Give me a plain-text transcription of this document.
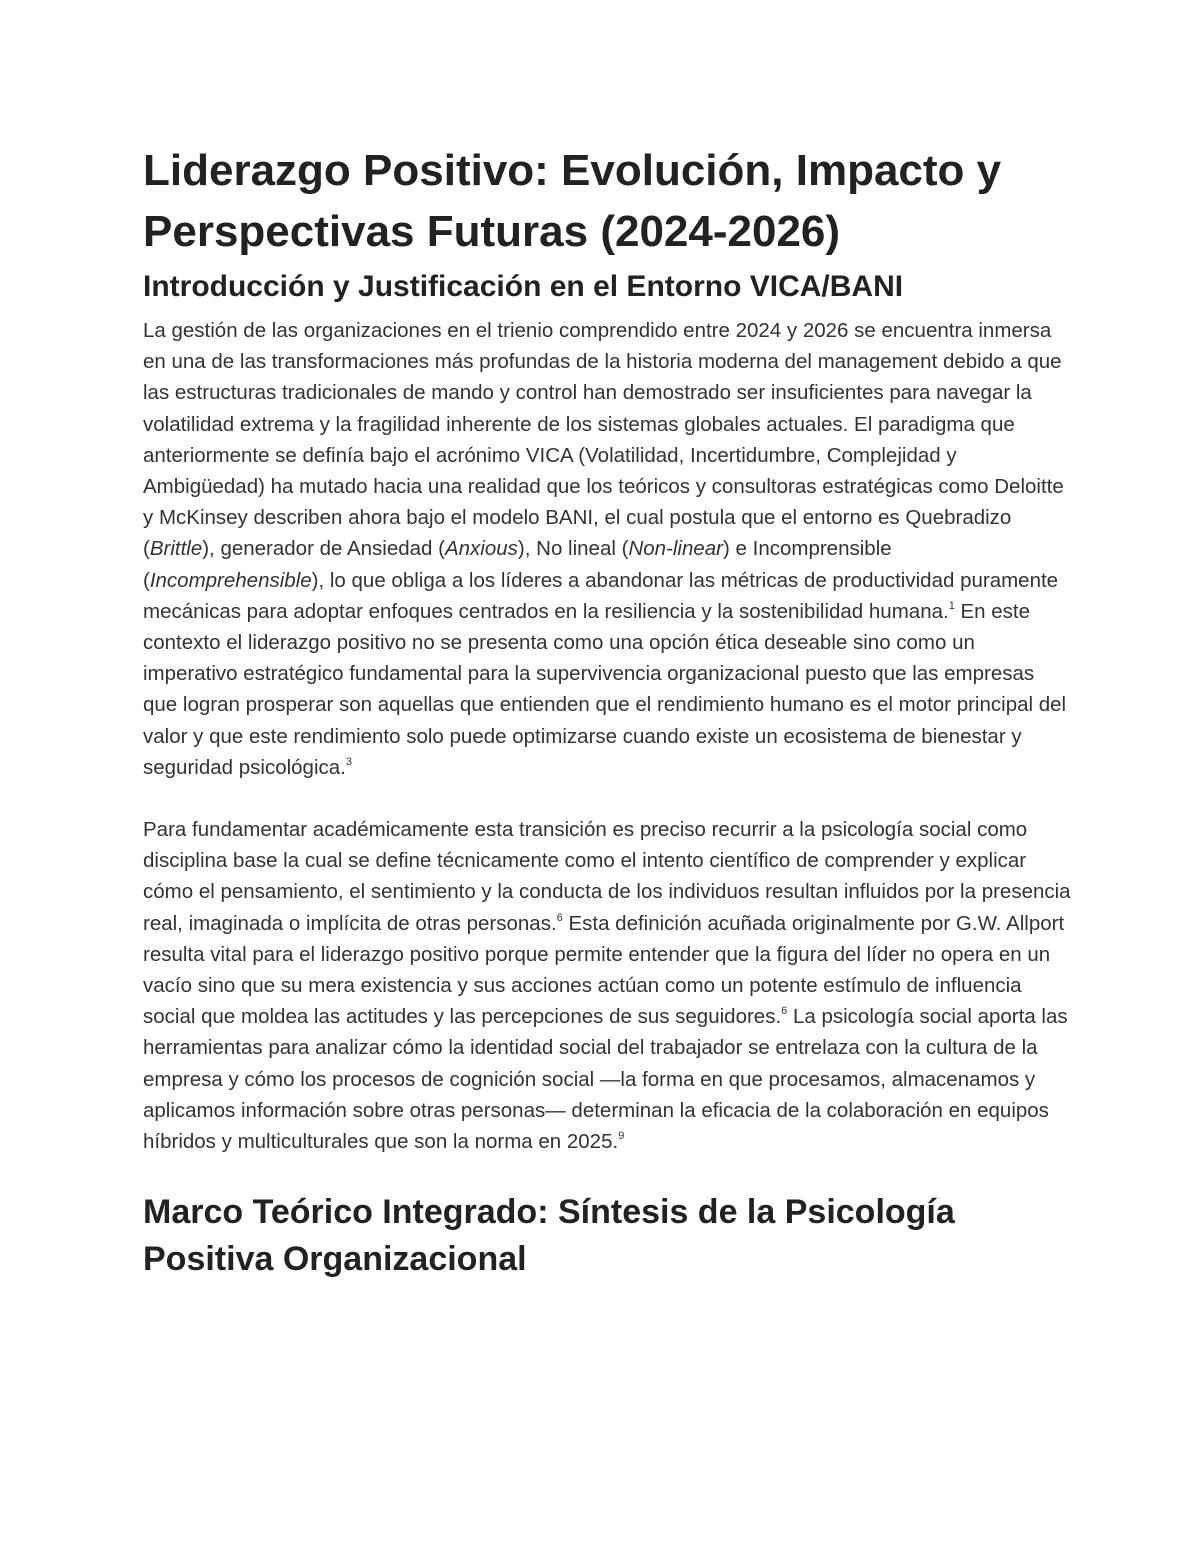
Liderazgo Positivo: Evolución, Impacto y Perspectivas Futuras (2024-2026)
Introducción y Justificación en el Entorno VICA/BANI

La gestión de las organizaciones en el trienio comprendido entre 2024 y 2026 se encuentra inmersa en una de las transformaciones más profundas de la historia moderna del management debido a que las estructuras tradicionales de mando y control han demostrado ser insuficientes para navegar la volatilidad extrema y la fragilidad inherente de los sistemas globales actuales. El paradigma que anteriormente se definía bajo el acrónimo VICA (Volatilidad, Incertidumbre, Complejidad y Ambigüedad) ha mutado hacia una realidad que los teóricos y consultoras estratégicas como Deloitte y McKinsey describen ahora bajo el modelo BANI, el cual postula que el entorno es Quebradizo (Brittle), generador de Ansiedad (Anxious), No lineal (Non-linear) e Incomprensible (Incomprehensible), lo que obliga a los líderes a abandonar las métricas de productividad puramente mecánicas para adoptar enfoques centrados en la resiliencia y la sostenibilidad humana.$^1$ En este contexto el liderazgo positivo no se presenta como una opción ética deseable sino como un imperativo estratégico fundamental para la supervivencia organizacional puesto que las empresas que logran prosperar son aquellas que entienden que el rendimiento humano es el motor principal del valor y que este rendimiento solo puede optimizarse cuando existe un ecosistema de bienestar y seguridad psicológica.$^3$

Para fundamentar académicamente esta transición es preciso recurrir a la psicología social como disciplina base la cual se define técnicamente como el intento científico de comprender y explicar cómo el pensamiento, el sentimiento y la conducta de los individuos resultan influidos por la presencia real, imaginada o implícita de otras personas.$^6$ Esta definición acuñada originalmente por G.W. Allport resulta vital para el liderazgo positivo porque permite entender que la figura del líder no opera en un vacío sino que su mera existencia y sus acciones actúan como un potente estímulo de influencia social que moldea las actitudes y las percepciones de sus seguidores.$^6$ La psicología social aporta las herramientas para analizar cómo la identidad social del trabajador se entrelaza con la cultura de la empresa y cómo los procesos de cognición social —la forma en que procesamos, almacenamos y aplicamos información sobre otras personas— determinan la eficacia de la colaboración en equipos híbridos y multiculturales que son la norma en 2025.$^9$

Marco Teórico Integrado: Síntesis de la Psicología Positiva Organizacional
